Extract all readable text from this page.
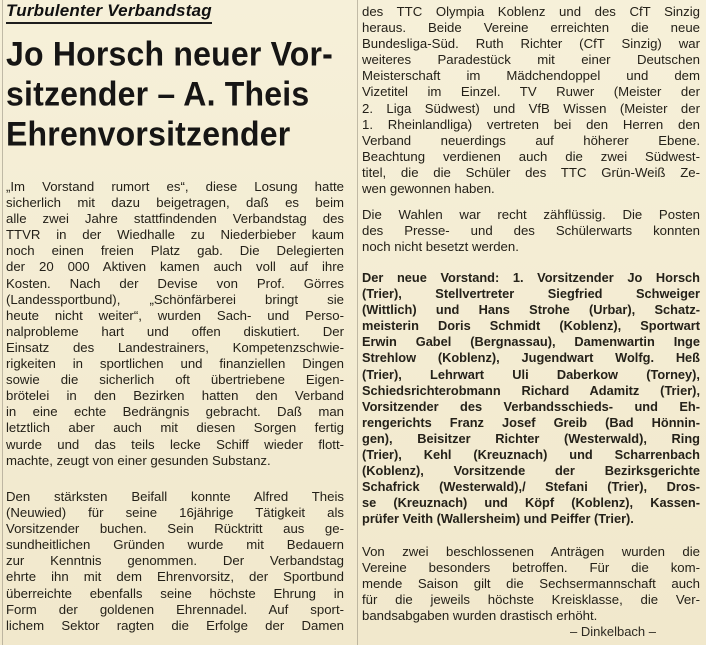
Turbulenter Verbandstag
Jo Horsch neuer Vor-
sitzender – A. Theis
Ehrenvorsitzender
„Im Vorstand rumort es“, diese Losung hatte
sicherlich mit dazu beigetragen, daß es beim
alle zwei Jahre stattfindenden Verbandstag des
TTVR in der Wiedhalle zu Niederbieber kaum
noch einen freien Platz gab. Die Delegierten
der 20 000 Aktiven kamen auch voll auf ihre
Kosten. Nach der Devise von Prof. Görres
(Landessportbund), „Schönfärberei bringt sie
heute nicht weiter“, wurden Sach- und Perso-
nalprobleme hart und offen diskutiert. Der
Einsatz des Landestrainers, Kompetenzschwie-
rigkeiten in sportlichen und finanziellen Dingen
sowie die sicherlich oft übertriebene Eigen-
brötelei in den Bezirken hatten den Verband
in eine echte Bedrängnis gebracht. Daß man
letztlich aber auch mit diesen Sorgen fertig
wurde und das teils lecke Schiff wieder flott-
machte, zeugt von einer gesunden Substanz.
Den stärksten Beifall konnte Alfred Theis
(Neuwied) für seine 16jährige Tätigkeit als
Vorsitzender buchen. Sein Rücktritt aus ge-
sundheitlichen Gründen wurde mit Bedauern
zur Kenntnis genommen. Der Verbandstag
ehrte ihn mit dem Ehrenvorsitz, der Sportbund
überreichte ebenfalls seine höchste Ehrung in
Form der goldenen Ehrennadel. Auf sport-
lichem Sektor ragten die Erfolge der Damen
des TTC Olympia Koblenz und des CfT Sinzig
heraus. Beide Vereine erreichten die neue
Bundesliga-Süd. Ruth Richter (CfT Sinzig) war
weiteres Paradestück mit einer Deutschen
Meisterschaft im Mädchendoppel und dem
Vizetitel im Einzel. TV Ruwer (Meister der
2. Liga Südwest) und VfB Wissen (Meister der
1. Rheinlandliga) vertreten bei den Herren den
Verband neuerdings auf höherer Ebene.
Beachtung verdienen auch die zwei Südwest-
titel, die die Schüler des TTC Grün-Weiß Ze-
wen gewonnen haben.
Die Wahlen war recht zähflüssig. Die Posten
des Presse- und des Schülerwarts konnten
noch nicht besetzt werden.
Der neue Vorstand: 1. Vorsitzender Jo Horsch
(Trier), Stellvertreter Siegfried Schweiger
(Wittlich) und Hans Strohe (Urbar), Schatz-
meisterin Doris Schmidt (Koblenz), Sportwart
Erwin Gabel (Bergnassau), Damenwartin Inge
Strehlow (Koblenz), Jugendwart Wolfg. Heß
(Trier), Lehrwart Uli Daberkow (Torney),
Schiedsrichterobmann Richard Adamitz (Trier),
Vorsitzender des Verbandsschieds- und Eh-
rengerichts Franz Josef Greib (Bad Hönnin-
gen), Beisitzer Richter (Westerwald), Ring
(Trier), Kehl (Kreuznach) und Scharrenbach
(Koblenz), Vorsitzende der Bezirksgerichte
Schafrick (Westerwald),/ Stefani (Trier), Dros-
se (Kreuznach) und Köpf (Koblenz), Kassen-
prüfer Veith (Wallersheim) und Peiffer (Trier).
Von zwei beschlossenen Anträgen wurden die
Vereine besonders betroffen. Für die kom-
mende Saison gilt die Sechsermannschaft auch
für die jeweils höchste Kreisklasse, die Ver-
bandsabgaben wurden drastisch erhöht.
– Dinkelbach –
